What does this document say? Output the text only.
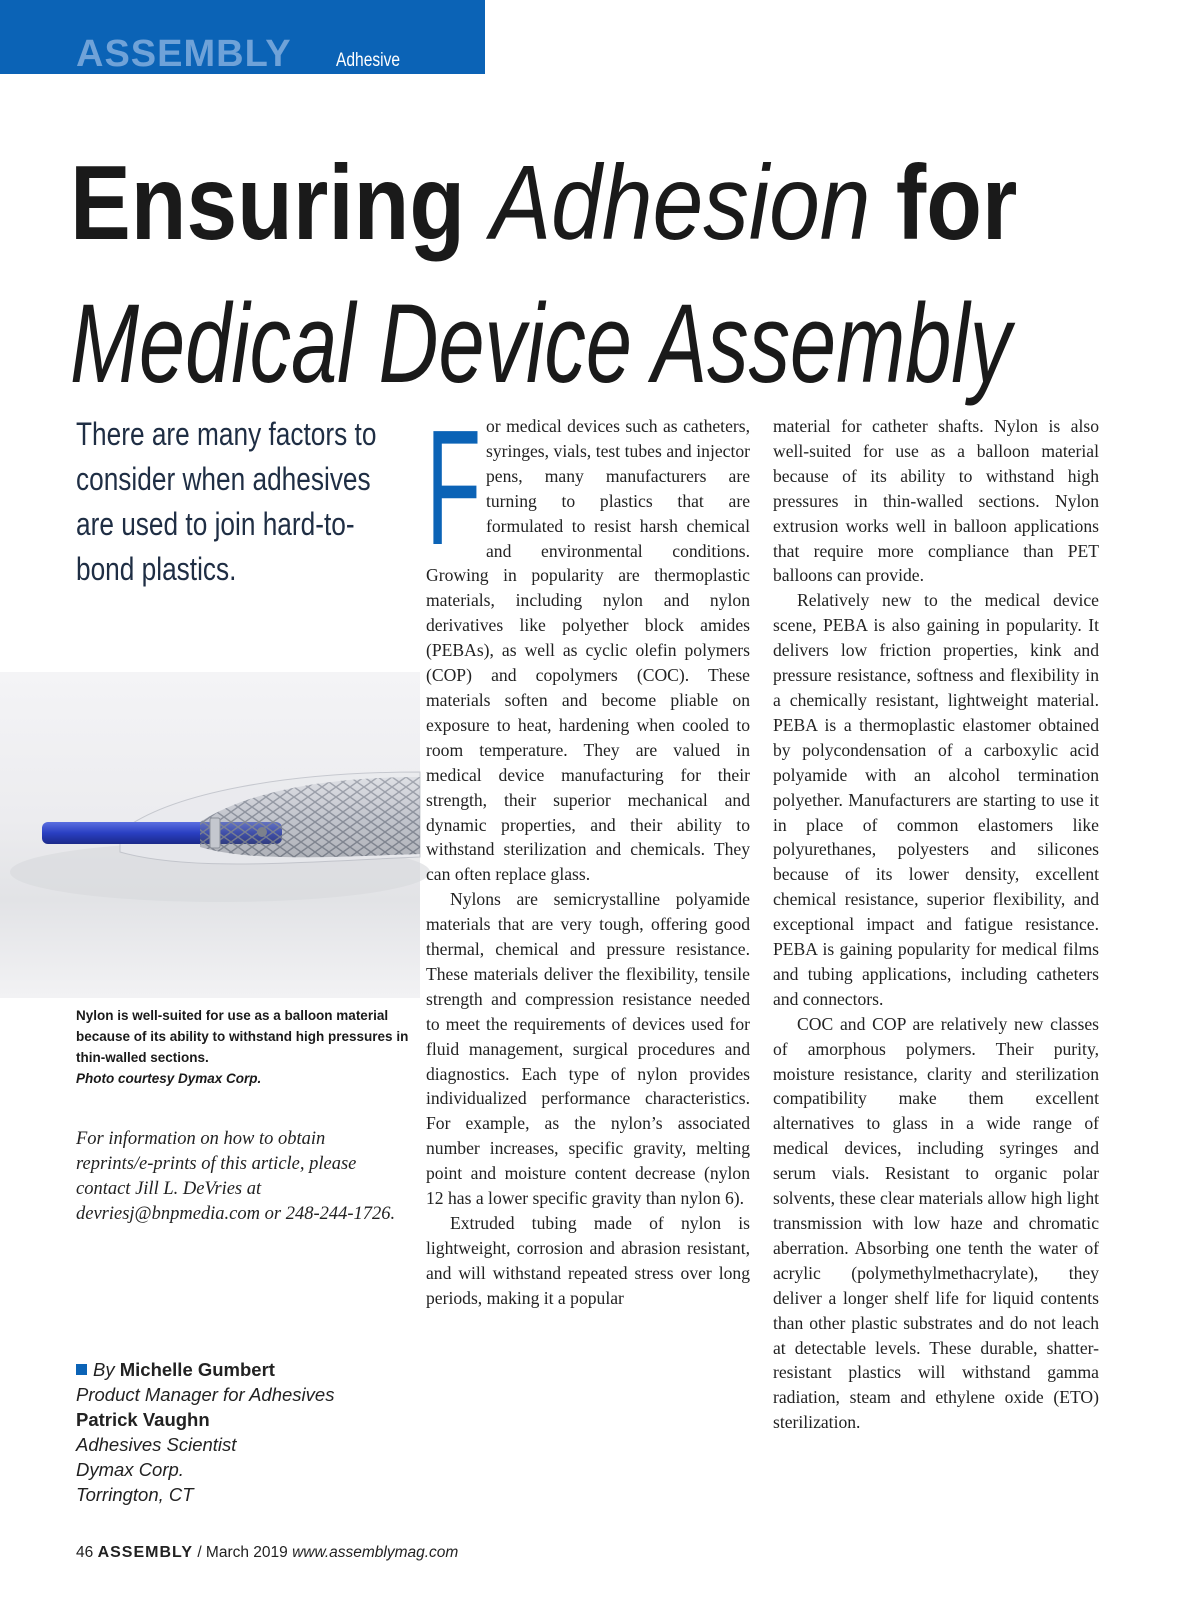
ASSEMBLY Adhesive Bonding
Ensuring Adhesion for
Medical Device Assembly
There are many factors to consider when adhesives are used to join hard-to-bond plastics.
Nylon is well-suited for use as a balloon material because of its ability to withstand high pressures in thin-walled sections.
Photo courtesy Dymax Corp.
For information on how to obtain reprints/e-prints of this article, please contact Jill L. DeVries at devriesj@bnpmedia.com or 248-244-1726.
By Michelle Gumbert
Product Manager for Adhesives
Patrick Vaughn
Adhesives Scientist
Dymax Corp.
Torrington, CT

F or medical devices such as catheters, syringes, vials, test tubes and injector pens, many manufacturers are turning to plastics that are formulated to resist harsh chemical and environmental conditions. Growing in popularity are thermoplastic materials, including nylon and nylon derivatives like polyether block amides (PEBAs), as well as cyclic olefin polymers (COP) and copolymers (COC). These materials soften and become pliable on exposure to heat, hardening when cooled to room temperature. They are valued in medical device manufacturing for their strength, their superior mechanical and dynamic properties, and their ability to withstand sterilization and chemicals. They can often replace glass.

Nylons are semicrystalline polyamide materials that are very tough, offering good thermal, chemical and pressure resistance. These materials deliver the flexibility, tensile strength and compression resistance needed to meet the requirements of devices used for fluid management, surgical procedures and diagnostics. Each type of nylon provides individualized performance characteristics. For example, as the nylon’s associated number increases, specific gravity, melting point and moisture content decrease (nylon 12 has a lower specific gravity than nylon 6).

Extruded tubing made of nylon is lightweight, corrosion and abrasion resistant, and will withstand repeated stress over long periods, making it a popular

material for catheter shafts. Nylon is also well-suited for use as a balloon material because of its ability to withstand high pressures in thin-walled sections. Nylon extrusion works well in balloon applications that require more compliance than PET balloons can provide.

Relatively new to the medical device scene, PEBA is also gaining in popularity. It delivers low friction properties, kink and pressure resistance, softness and flexibility in a chemically resistant, lightweight material. PEBA is a thermoplastic elastomer obtained by polycondensation of a carboxylic acid polyamide with an alcohol termination polyether. Manufacturers are starting to use it in place of common elastomers like polyurethanes, polyesters and silicones because of its lower density, excellent chemical resistance, superior flexibility, and exceptional impact and fatigue resistance. PEBA is gaining popularity for medical films and tubing applications, including catheters and connectors.

COC and COP are relatively new classes of amorphous polymers. Their purity, moisture resistance, clarity and sterilization compatibility make them excellent alternatives to glass in a wide range of medical devices, including syringes and serum vials. Resistant to organic polar solvents, these clear materials allow high light transmission with low haze and chromatic aberration. Absorbing one tenth the water of acrylic (polymethylmethacrylate), they deliver a longer shelf life for liquid contents than other plastic substrates and do not leach at detectable levels. These durable, shatter-resistant plastics will withstand gamma radiation, steam and ethylene oxide (ETO) sterilization.

46 ASSEMBLY / March 2019 www.assemblymag.com
